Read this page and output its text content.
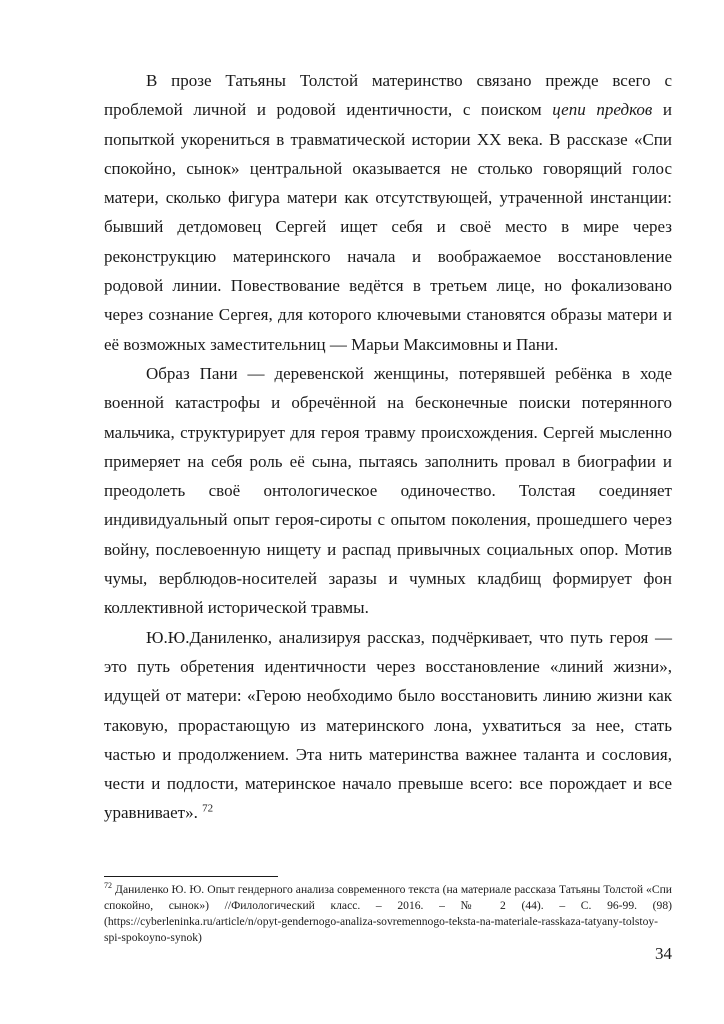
В прозе Татьяны Толстой материнство связано прежде всего с проблемой личной и родовой идентичности, с поиском цепи предков и попыткой укорениться в травматической истории XX века. В рассказе «Спи спокойно, сынок» центральной оказывается не столько говорящий голос матери, сколько фигура матери как отсутствующей, утраченной инстанции: бывший детдомовец Сергей ищет себя и своё место в мире через реконструкцию материнского начала и воображаемое восстановление родовой линии. Повествование ведётся в третьем лице, но фокализовано через сознание Сергея, для которого ключевыми становятся образы матери и её возможных заместительниц — Марьи Максимовны и Пани.

Образ Пани — деревенской женщины, потерявшей ребёнка в ходе военной катастрофы и обречённой на бесконечные поиски потерянного мальчика, структурирует для героя травму происхождения. Сергей мысленно примеряет на себя роль её сына, пытаясь заполнить провал в биографии и преодолеть своё онтологическое одиночество. Толстая соединяет индивидуальный опыт героя-сироты с опытом поколения, прошедшего через войну, послевоенную нищету и распад привычных социальных опор. Мотив чумы, верблюдов-носителей заразы и чумных кладбищ формирует фон коллективной исторической травмы.

Ю.Ю.Даниленко, анализируя рассказ, подчёркивает, что путь героя — это путь обретения идентичности через восстановление «линий жизни», идущей от матери: «Герою необходимо было восстановить линию жизни как таковую, прорастающую из материнского лона, ухватиться за нее, стать частью и продолжением. Эта нить материнства важнее таланта и сословия, чести и подлости, материнское начало превыше всего: все порождает и все уравнивает». $^{72}$

$^{72}$ Даниленко Ю. Ю. Опыт гендерного анализа современного текста (на материале рассказа Татьяны Толстой «Спи спокойно, сынок») //Филологический класс. – 2016. – № 2 (44). – С. 96-99. (98) (https://cyberleninka.ru/article/n/opyt-gendernogo-analiza-sovremennogo-teksta-na-materiale-rasskaza-tatyany-tolstoy-spi-spokoyno-synok)

34
